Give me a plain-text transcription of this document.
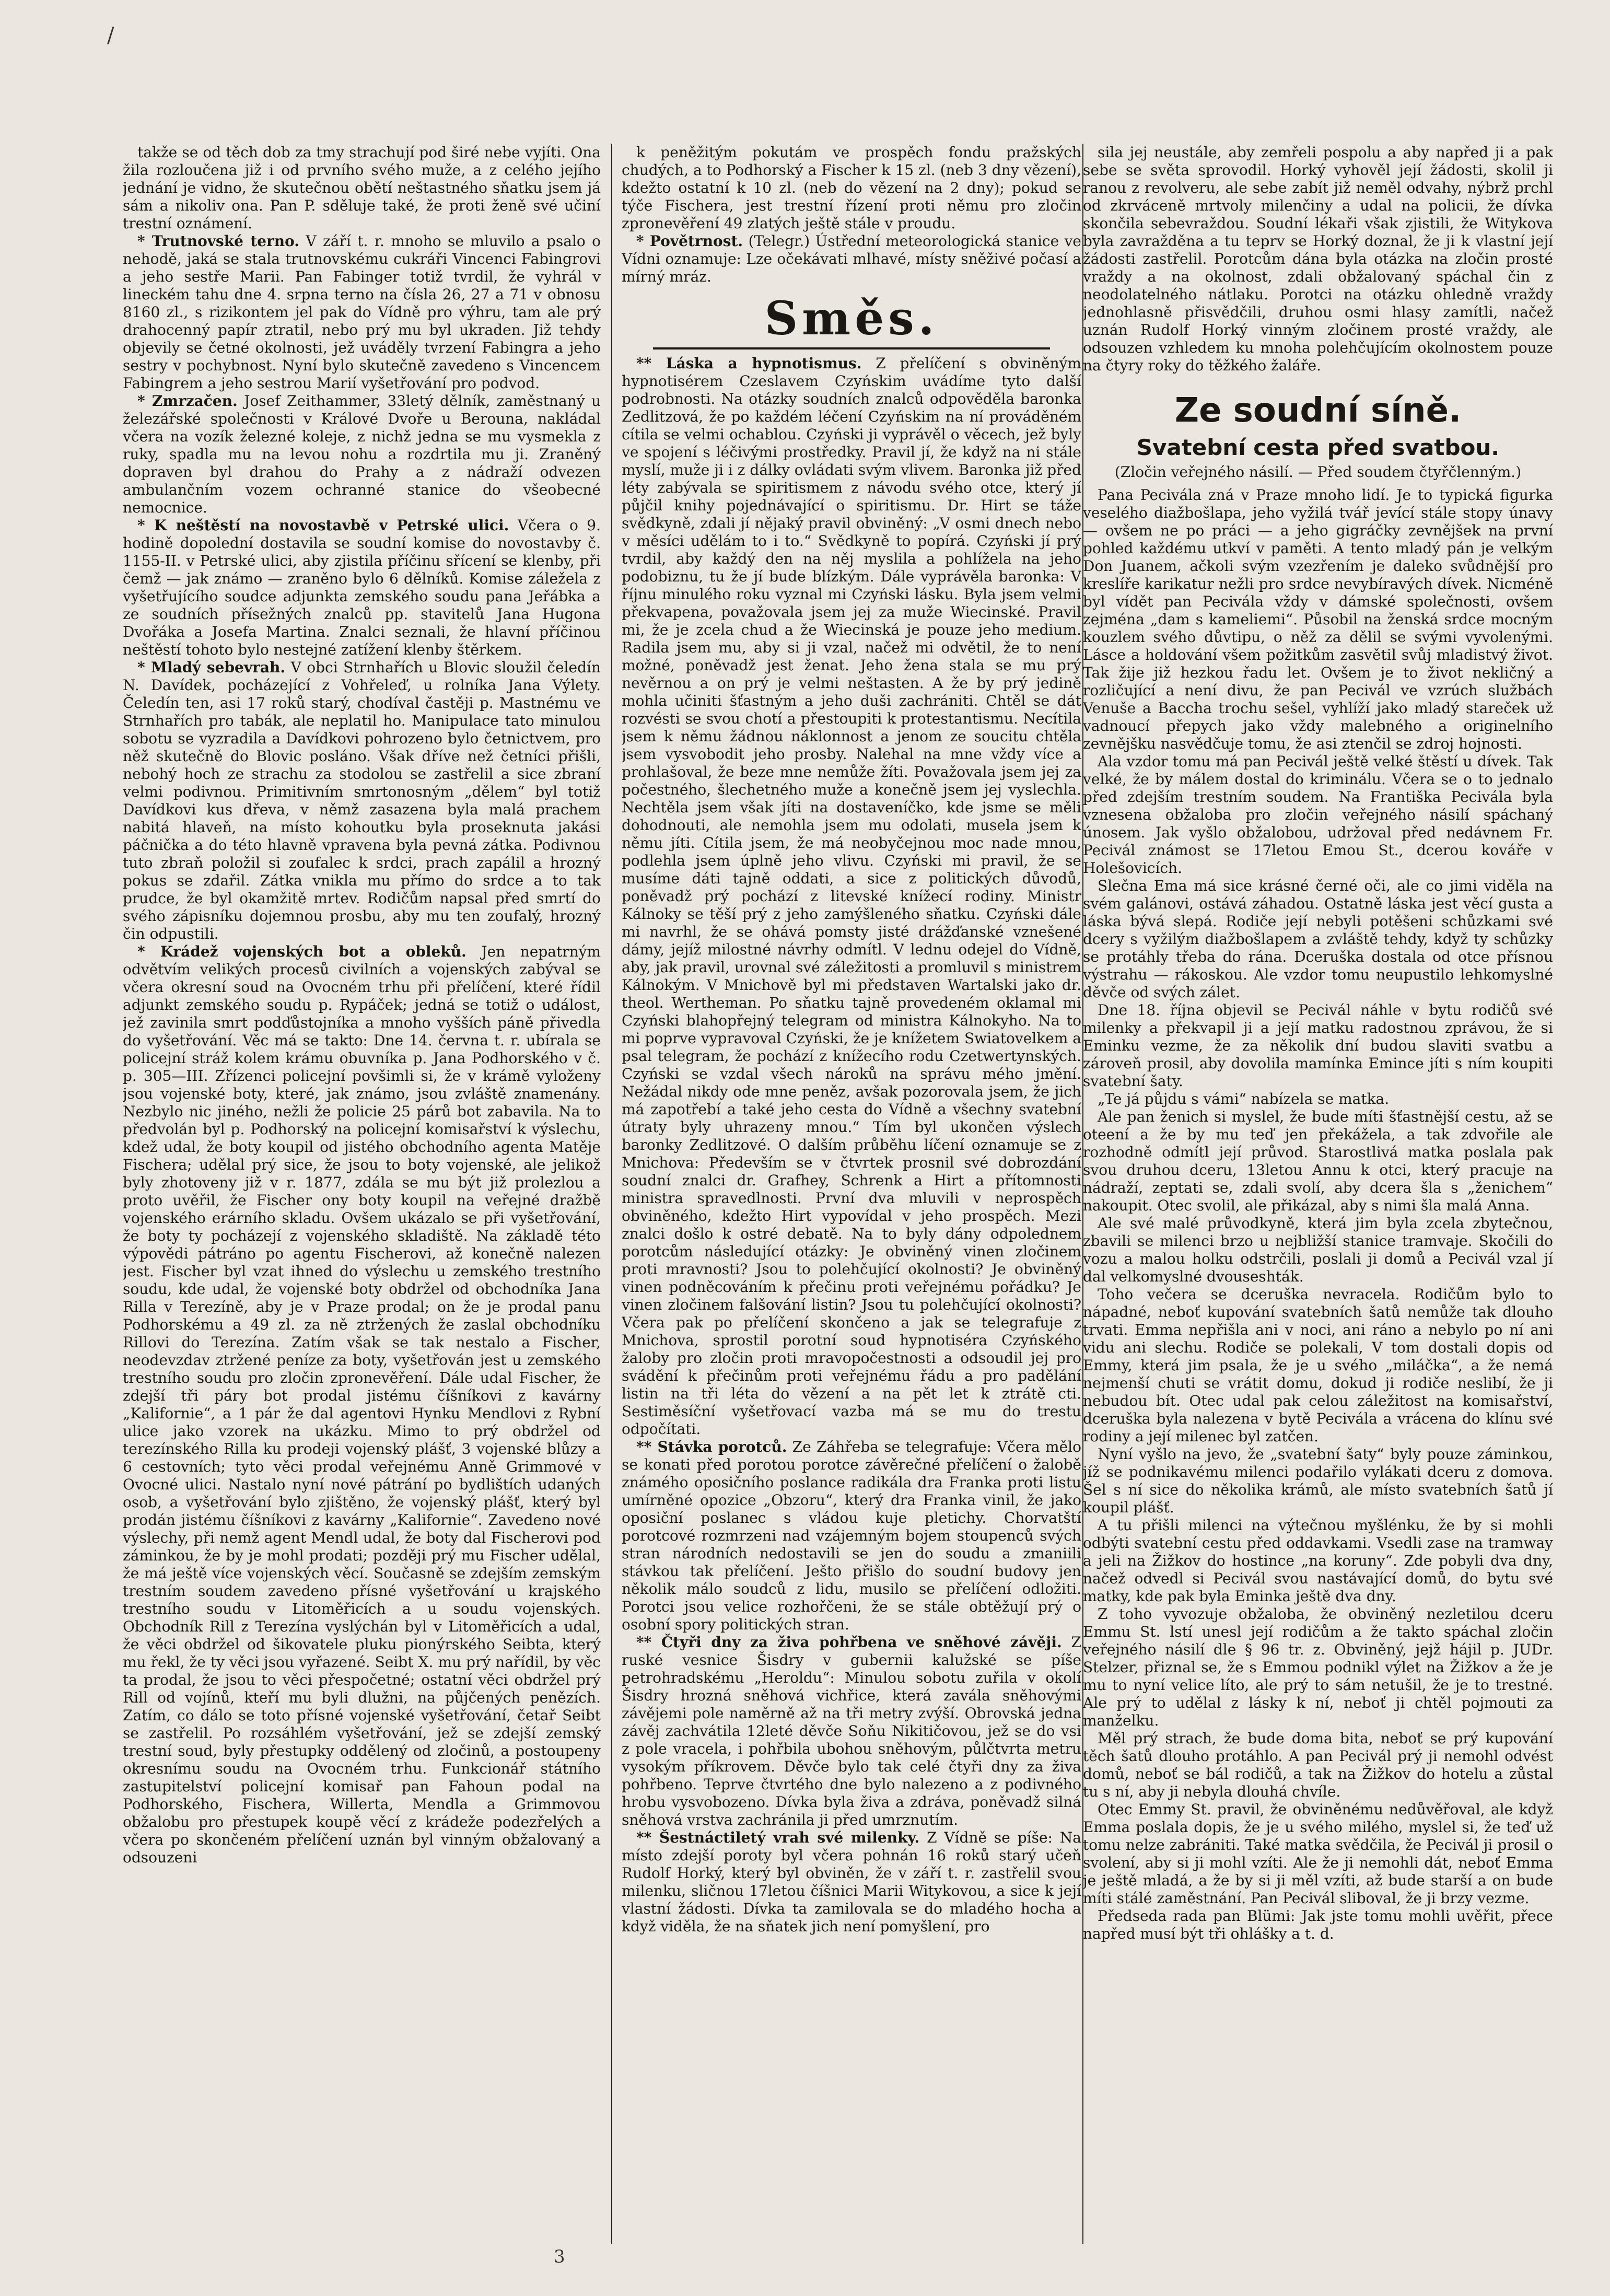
/

takže se od těch dob za tmy strachují pod širé nebe vyjíti. Ona žila rozloučena již i od prvního svého muže, a z celého jejího jednání je vidno, že skutečnou obětí neštastného sňatku jsem já sám a nikoliv ona. Pan P. sděluje také, že proti ženě své učiní trestní oznámení.

* Trutnovské terno. V září t. r. mnoho se mluvilo a psalo o nehodě, jaká se stala trutnovskému cukráři Vincenci Fabingrovi a jeho sestře Marii. Pan Fabinger totiž tvrdil, že vyhrál v lineckém tahu dne 4. srpna terno na čísla 26, 27 a 71 v obnosu 8160 zl., s rizikontem jel pak do Vídně pro výhru, tam ale prý drahocenný papír ztratil, nebo prý mu byl ukraden. Již tehdy objevily se četné okolnosti, jež uváděly tvrzení Fabingra a jeho sestry v pochybnost. Nyní bylo skutečně zavedeno s Vincencem Fabingrem a jeho sestrou Marií vyšetřování pro podvod.

* Zmrzačen. Josef Zeithammer, 33letý dělník, zaměstnaný u železářské společnosti v Králové Dvoře u Berouna, nakládal včera na vozík železné koleje, z nichž jedna se mu vysmekla z ruky, spadla mu na levou nohu a rozdrtila mu ji. Zraněný dopraven byl drahou do Prahy a z nádraží odvezen ambulančním vozem ochranné stanice do všeobecné nemocnice.

* K neštěstí na novostavbě v Petrské ulici. Včera o 9. hodině dopolední dostavila se soudní komise do novostavby č. 1155-II. v Petrské ulici, aby zjistila příčinu sřícení se klenby, při čemž — jak známo — zraněno bylo 6 dělníků. Komise záležela z vyšetřujícího soudce adjunkta zemského soudu pana Jeřábka a ze soudních přísežných znalců pp. stavitelů Jana Hugona Dvořáka a Josefa Martina. Znalci seznali, že hlavní příčinou neštěstí tohoto bylo nestejné zatížení klenby štěrkem.

* Mladý sebevrah. V obci Strnhařích u Blovic sloužil čeledín N. Davídek, pocházející z Vohřeleď, u rolníka Jana Výlety. Čeledín ten, asi 17 roků starý, chodíval častěji p. Mastnému ve Strnhařích pro tabák, ale neplatil ho. Manipulace tato minulou sobotu se vyzradila a Davídkovi pohrozeno bylo četnictvem, pro něž skutečně do Blovic posláno. Však dříve než četníci přišli, nebohý hoch ze strachu za stodolou se zastřelil a sice zbraní velmi podivnou. Primitivním smrtonosným „dělem“ byl totiž Davídkovi kus dřeva, v němž zasazena byla malá prachem nabitá hlaveň, na místo kohoutku byla proseknuta jakási páčnička a do této hlavně vpravena byla pevná zátka. Podivnou tuto zbraň položil si zoufalec k srdci, prach zapálil a hrozný pokus se zdařil. Zátka vnikla mu přímo do srdce a to tak prudce, že byl okamžitě mrtev. Rodičům napsal před smrtí do svého zápisníku dojemnou prosbu, aby mu ten zoufalý, hrozný čin odpustili.

* Krádež vojenských bot a obleků. Jen nepatrným odvětvím velikých procesů civilních a vojenských zabýval se včera okresní soud na Ovocném trhu při přelíčení, které řídil adjunkt zemského soudu p. Rypáček; jedná se totiž o událost, jež zavinila smrt podďůstojníka a mnoho vyšších páně přivedla do vyšetřování. Věc má se takto: Dne 14. června t. r. ubírala se policejní stráž kolem krámu obuvníka p. Jana Podhorského v č. p. 305—III. Zřízenci policejní povšimli si, že v krámě vyloženy jsou vojenské boty, které, jak známo, jsou zvláště znamenány. Nezbylo nic jiného, nežli že policie 25 párů bot zabavila. Na to předvolán byl p. Podhorský na policejní komisařství k výslechu, kdež udal, že boty koupil od jistého obchodního agenta Matěje Fischera; udělal prý sice, že jsou to boty vojenské, ale jelikož byly zhotoveny již v r. 1877, zdála se mu být již prolezlou a proto uvěřil, že Fischer ony boty koupil na veřejné dražbě vojenského erárního skladu. Ovšem ukázalo se při vyšetřování, že boty ty pocházejí z vojenského skladiště. Na základě této výpovědi pátráno po agentu Fischerovi, až konečně nalezen jest. Fischer byl vzat ihned do výslechu u zemského trestního soudu, kde udal, že vojenské boty obdržel od obchodníka Jana Rilla v Terezíně, aby je v Praze prodal; on že je prodal panu Podhorskému a 49 zl. za ně ztržených že zaslal obchodníku Rillovi do Terezína. Zatím však se tak nestalo a Fischer, neodevzdav ztržené peníze za boty, vyšetřován jest u zemského trestního soudu pro zločin zpronevěření. Dále udal Fischer, že zdejší tři páry bot prodal jistému číšníkovi z kavárny „Kalifornie“, a 1 pár že dal agentovi Hynku Mendlovi z Rybní ulice jako vzorek na ukázku. Mimo to prý obdržel od terezínského Rilla ku prodeji vojenský plášť, 3 vojenské blůzy a 6 cestovních; tyto věci prodal veřejnému Anně Grimmové v Ovocné ulici. Nastalo nyní nové pátrání po bydlištích udaných osob, a vyšetřování bylo zjištěno, že vojenský plášť, který byl prodán jistému číšníkovi z kavárny „Kalifornie“. Zavedeno nové výslechy, při nemž agent Mendl udal, že boty dal Fischerovi pod záminkou, že by je mohl prodati; později prý mu Fischer udělal, že má ještě více vojenských věcí. Současně se zdejším zemským trestním soudem zavedeno přísné vyšetřování u krajského trestního soudu v Litoměřicích a u soudu vojenských. Obchodník Rill z Terezína vyslýchán byl v Litoměřicích a udal, že věci obdržel od šikovatele pluku pionýrského Seibta, který mu řekl, že ty věci jsou vyřazené. Seibt X. mu prý nařídil, by věc ta prodal, že jsou to věci přespočetné; ostatní věci obdržel prý Rill od vojínů, kteří mu byli dlužni, na půjčených penězích. Zatím, co dálo se toto přísné vojenské vyšetřování, četař Seibt se zastřelil. Po rozsáhlém vyšetřování, jež se zdejší zemský trestní soud, byly přestupky oddělený od zločinů, a postoupeny okresnímu soudu na Ovocném trhu. Funkcionář státního zastupitelství policejní komisař pan Fahoun podal na Podhorského, Fischera, Willerta, Mendla a Grimmovou obžalobu pro přestupek koupě věcí z krádeže podezřelých a včera po skončeném přelíčení uznán byl vinným obžalovaný a odsouzeni

k peněžitým pokutám ve prospěch fondu pražských chudých, a to Podhorský a Fischer k 15 zl. (neb 3 dny vězení), kdežto ostatní k 10 zl. (neb do vězení na 2 dny); pokud se týče Fischera, jest trestní řízení proti němu pro zločin zpronevěření 49 zlatých ještě stále v proudu.

* Povětrnost. (Telegr.) Ústřední meteorologická stanice ve Vídni oznamuje: Lze očekávati mlhavé, místy sněživé počasí a mírný mráz.

Směs.

** Láska a hypnotismus. Z přelíčení s obviněným hypnotisérem Czeslavem Czyńskim uvádíme tyto další podrobnosti. Na otázky soudních znalců odpověděla baronka Zedlitzová, že po každém léčení Czyńskim na ní prováděném cítila se velmi ochablou. Czyński ji vyprávěl o věcech, jež byly ve spojení s léčivými prostředky. Pravil jí, že když na ni stále myslí, muže ji i z dálky ovládati svým vlivem. Baronka již před léty zabývala se spiritismem z návodu svého otce, který jí půjčil knihy pojednávající o spiritismu. Dr. Hirt se táže svědkyně, zdali jí nějaký pravil obviněný: „V osmi dnech nebo v měsíci udělám to i to.“ Svědkyně to popírá. Czyński jí prý tvrdil, aby každý den na něj myslila a pohlížela na jeho podobiznu, tu že jí bude blízkým. Dále vyprávěla baronka: V říjnu minulého roku vyznal mi Czyński lásku. Byla jsem velmi překvapena, považovala jsem jej za muže Wiecinské. Pravil mi, že je zcela chud a že Wiecinská je pouze jeho medium. Radila jsem mu, aby si ji vzal, načež mi odvětil, že to není možné, poněvadž jest ženat. Jeho žena stala se mu prý nevěrnou a on prý je velmi neštasten. A že by prý jedině mohla učiniti šťastným a jeho duši zachrániti. Chtěl se dát rozvésti se svou chotí a přestoupiti k protestantismu. Necítila jsem k němu žádnou náklonnost a jenom ze soucitu chtěla jsem vysvobodit jeho prosby. Nalehal na mne vždy více a prohlašoval, že beze mne nemůže žíti. Považovala jsem jej za počestného, šlechetného muže a konečně jsem jej vyslechla. Nechtěla jsem však jíti na dostaveníčko, kde jsme se měli dohodnouti, ale nemohla jsem mu odolati, musela jsem k němu jíti. Cítila jsem, že má neobyčejnou moc nade mnou, podlehla jsem úplně jeho vlivu. Czyński mi pravil, že se musíme dáti tajně oddati, a sice z politických důvodů, poněvadž prý pochází z litevské knížecí rodiny. Ministr Kálnoky se těší prý z jeho zamýšleného sňatku. Czyński dále mi navrhl, že se ohává pomsty jisté drážďanské vznešené dámy, jejíž milostné návrhy odmítl. V lednu odejel do Vídně, aby, jak pravil, urovnal své záležitosti a promluvil s ministrem Kálnokým. V Mnichově byl mi představen Wartalski jako dr. theol. Wertheman. Po sňatku tajně provedeném oklamal mi Czyński blahopřejný telegram od ministra Kálnokyho. Na to mi poprve vypravoval Czyński, že je knížetem Swiatovelkem a psal telegram, že pochází z knížecího rodu Czetwertynských. Czyński se vzdal všech nároků na správu mého jmění. Nežádal nikdy ode mne peněz, avšak pozorovala jsem, že jich má zapotřebí a také jeho cesta do Vídně a všechny svatební útraty byly uhrazeny mnou.“ Tím byl ukončen výslech baronky Zedlitzové. O dalším průběhu líčení oznamuje se z Mnichova: Především se v čtvrtek prosnil své dobrozdání soudní znalci dr. Grafhey, Schrenk a Hirt a přítomnosti ministra spravedlnosti. První dva mluvili v neprospěch obviněného, kdežto Hirt vypovídal v jeho prospěch. Mezi znalci došlo k ostré debatě. Na to byly dány odpolednem porotcům následující otázky: Je obviněný vinen zločinem proti mravnosti? Jsou to polehčující okolnosti? Je obviněný vinen podněcováním k přečinu proti veřejnému pořádku? Je vinen zločinem falšování listin? Jsou tu polehčující okolnosti? Včera pak po přelíčení skončeno a jak se telegrafuje z Mnichova, sprostil porotní soud hypnotiséra Czyńského žaloby pro zločin proti mravopočestnosti a odsoudil jej pro svádění k přečinům proti veřejnému řádu a pro padělání listin na tři léta do vězení a na pět let k ztrátě cti. Sestiměsíční vyšetřovací vazba má se mu do trestu odpočítati.

** Stávka porotců. Ze Záhřeba se telegrafuje: Včera mělo se konati před porotou porotce závěrečné přelíčení o žalobě známého oposičního poslance radikála dra Franka proti listu umírněné opozice „Obzoru“, který dra Franka vinil, že jako oposiční poslanec s vládou kuje pletichy. Chorvatští porotcové rozmrzeni nad vzájemným bojem stoupenců svých stran národních nedostavili se jen do soudu a zmaniili stávkou tak přelíčení. Ješto přišlo do soudní budovy jen několik málo soudců z lidu, musilo se přelíčení odložiti. Porotci jsou velice rozhořčeni, že se stále obtěžují prý o osobní spory politických stran.

** Čtyři dny za živa pohřbena ve sněhové závěji. Z ruské vesnice Šisdry v gubernii kalužské se píše petrohradskému „Heroldu“: Minulou sobotu zuřila v okolí Šisdry hrozná sněhová vichřice, která zavála sněhovými závějemi pole naměrně až na tři metry zvýší. Obrovská jedna závěj zachvátila 12leté děvče Soňu Nikitičovou, jež se do vsi z pole vracela, i pohřbila ubohou sněhovým, půlčtvrta metru vysokým příkrovem. Děvče bylo tak celé čtyři dny za živa pohřbeno. Teprve čtvrtého dne bylo nalezeno a z podivného hrobu vysvobozeno. Dívka byla živa a zdráva, poněvadž silná sněhová vrstva zachránila ji před umrznutím.

** Šestnáctiletý vrah své milenky. Z Vídně se píše: Na místo zdejší poroty byl včera pohnán 16 roků starý učeň Rudolf Horký, který byl obviněn, že v září t. r. zastřelil svou milenku, sličnou 17letou číšnici Marii Witykovou, a sice k její vlastní žádosti. Dívka ta zamilovala se do mladého hocha a když viděla, že na sňatek jich není pomyšlení, pro

sila jej neustále, aby zemřeli pospolu a aby napřed ji a pak sebe se světa sprovodil. Horký vyhověl její žádosti, skolil ji ranou z revolveru, ale sebe zabít již neměl odvahy, nýbrž prchl od zkrváceně mrtvoly milenčiny a udal na policii, že dívka skončila sebevraždou. Soudní lékaři však zjistili, že Witykova byla zavražděna a tu teprv se Horký doznal, že ji k vlastní její žádosti zastřelil. Porotcům dána byla otázka na zločin prosté vraždy a na okolnost, zdali obžalovaný spáchal čin z neodolatelného nátlaku. Porotci na otázku ohledně vraždy jednohlasně přisvědčili, druhou osmi hlasy zamítli, načež uznán Rudolf Horký vinným zločinem prosté vraždy, ale odsouzen vzhledem ku mnoha polehčujícím okolnostem pouze na čtyry roky do těžkého žaláře.

Ze soudní síně.
Svatební cesta před svatbou.
(Zločin veřejného násilí. — Před soudem čtyřčlenným.)

Pana Peciválа zná v Praze mnoho lidí. Je to typická figurka veselého diažbošlapa, jeho vyžilá tvář jevící stále stopy únavy — ovšem ne po práci — a jeho gigráčky zevnějšek na první pohled každému utkví v paměti. A tento mladý pán je velkým Don Juanem, ačkoli svým vzezřením je daleko svůdnější pro kreslíře karikatur nežli pro srdce nevybíravých dívek. Nicméně byl vídět pan Pecivála vždy v dámské společnosti, ovšem zejména „dam s kameliemi“. Působil na ženská srdce mocným kouzlem svého důvtipu, o něž za dělil se svými vyvolenými. Lásce a holdování všem požitkům zasvětil svůj mladistvý život. Tak žije již hezkou řadu let. Ovšem je to život nekličný a rozličující a není divu, že pan Pecivál ve vzrúch službách Venuše a Baccha trochu sešel, vyhlíží jako mladý stareček už vadnoucí přepych jako vždy malebného a originelního zevnějšku nasvědčuje tomu, že asi ztenčil se zdroj hojnosti.

Ala vzdor tomu má pan Pecivál ještě velké štěstí u dívek. Tak velké, že by málem dostal do kriminálu. Včera se o to jednalo před zdejším trestním soudem. Na Františka Peciválа byla vznesena obžaloba pro zločin veřejného násilí spáchaný únosem. Jak vyšlo obžalobou, udržoval před nedávnem Fr. Pecivál známost se 17letou Emou St., dcerou kováře v Holešovicích.

Slečna Ema má sice krásné černé oči, ale co jimi viděla na svém galánovi, ostává záhadou. Ostatně láska jest věcí gusta a láska bývá slepá. Rodiče její nebyli potěšeni schůzkami své dcery s vyžilým diažbošlapem a zvláště tehdy, když ty schůzky se protáhly třeba do rána. Dceruška dostala od otce přísnou výstrahu — rákoskou. Ale vzdor tomu neupustilo lehkomyslné děvče od svých zálet.

Dne 18. října objevil se Pecivál náhle v bytu rodičů své milenky a překvapil ji a její matku radostnou zprávou, že si Eminku vezme, že za několik dní budou slaviti svatbu a zároveň prosil, aby dovolila mamínka Emince jíti s ním koupiti svatební šaty.

„Te já půjdu s vámi“ nabízela se matka.

Ale pan ženich si myslel, že bude míti šťastnější cestu, až se oteení a že by mu teď jen překážela, a tak zdvořile ale rozhodně odmítl její průvod. Starostlivá matka poslala pak svou druhou dceru, 13letou Annu k otci, který pracuje na nádraží, zeptati se, zdali svolí, aby dcera šla s „ženichem“ nakoupit. Otec svolil, ale přikázal, aby s nimi šla malá Anna.

Ale své malé průvodkyně, která jim byla zcela zbytečnou, zbavili se milenci brzo u nejbližší stanice tramvaje. Skočili do vozu a malou holku odstrčili, poslali ji domů a Pecivál vzal jí dal velkomyslné dvouseshták.

Toho večera se dceruška nevracela. Rodičům bylo to nápadné, neboť kupování svatebních šatů nemůže tak dlouho trvati. Emma nepřišla ani v noci, ani ráno a nebylo po ní ani vidu ani slechu. Rodiče se polekali, V tom dostali dopis od Emmy, která jim psala, že je u svého „miláčka“, a že nemá nejmenší chuti se vrátit domu, dokud ji rodiče neslibí, že ji nebudou bít. Otec udal pak celou záležitost na komisařství, dceruška byla nalezena v bytě Pecivála a vrácena do klínu své rodiny a její milenec byl zatčen.

Nyní vyšlo na jevo, že „svatební šaty“ byly pouze záminkou, jíž se podnikavému milenci podařilo vylákati dceru z domova. Šel s ní sice do několika krámů, ale místo svatebních šatů jí koupil plášť.

A tu přišli milenci na výtečnou myšlénku, že by si mohli odbýti svatební cestu před oddavkami. Vsedli zase na tramway a jeli na Žižkov do hostince „na koruny“. Zde pobyli dva dny, načež odvedl si Pecivál svou nastávající domů, do bytu své matky, kde pak byla Eminka ještě dva dny.

Z toho vyvozuje obžaloba, že obviněný nezletilou dceru Emmu St. lstí unesl její rodičům a že takto spáchal zločin veřejného násilí dle § 96 tr. z. Obviněný, jejž hájil p. JUDr. Stelzer, přiznal se, že s Emmou podnikl výlet na Žižkov a že je mu to nyní velice líto, ale prý to sám netušil, že je to trestné. Ale prý to udělal z lásky k ní, neboť ji chtěl pojmouti za manželku.

Měl prý strach, že bude doma bita, neboť se prý kupování těch šatů dlouho protáhlo. A pan Pecivál prý ji nemohl odvést domů, neboť se bál rodičů, a tak na Žižkov do hotelu a zůstal tu s ní, aby ji nebyla dlouhá chvíle.

Otec Emmy St. pravil, že obviněnému nedůvěřoval, ale když Emma poslala dopis, že je u svého milého, myslel si, že teď už tomu nelze zabrániti. Také matka svědčila, že Pecivál ji prosil o svolení, aby si ji mohl vzíti. Ale že ji nemohli dát, neboť Emma je ještě mladá, a že by si ji měl vzíti, až bude starší a on bude míti stálé zaměstnání. Pan Pecivál sliboval, že ji brzy vezme.

Předseda rada pan Blümi: Jak jste tomu mohli uvěřit, přece napřed musí být tři ohlášky a t. d.

3
